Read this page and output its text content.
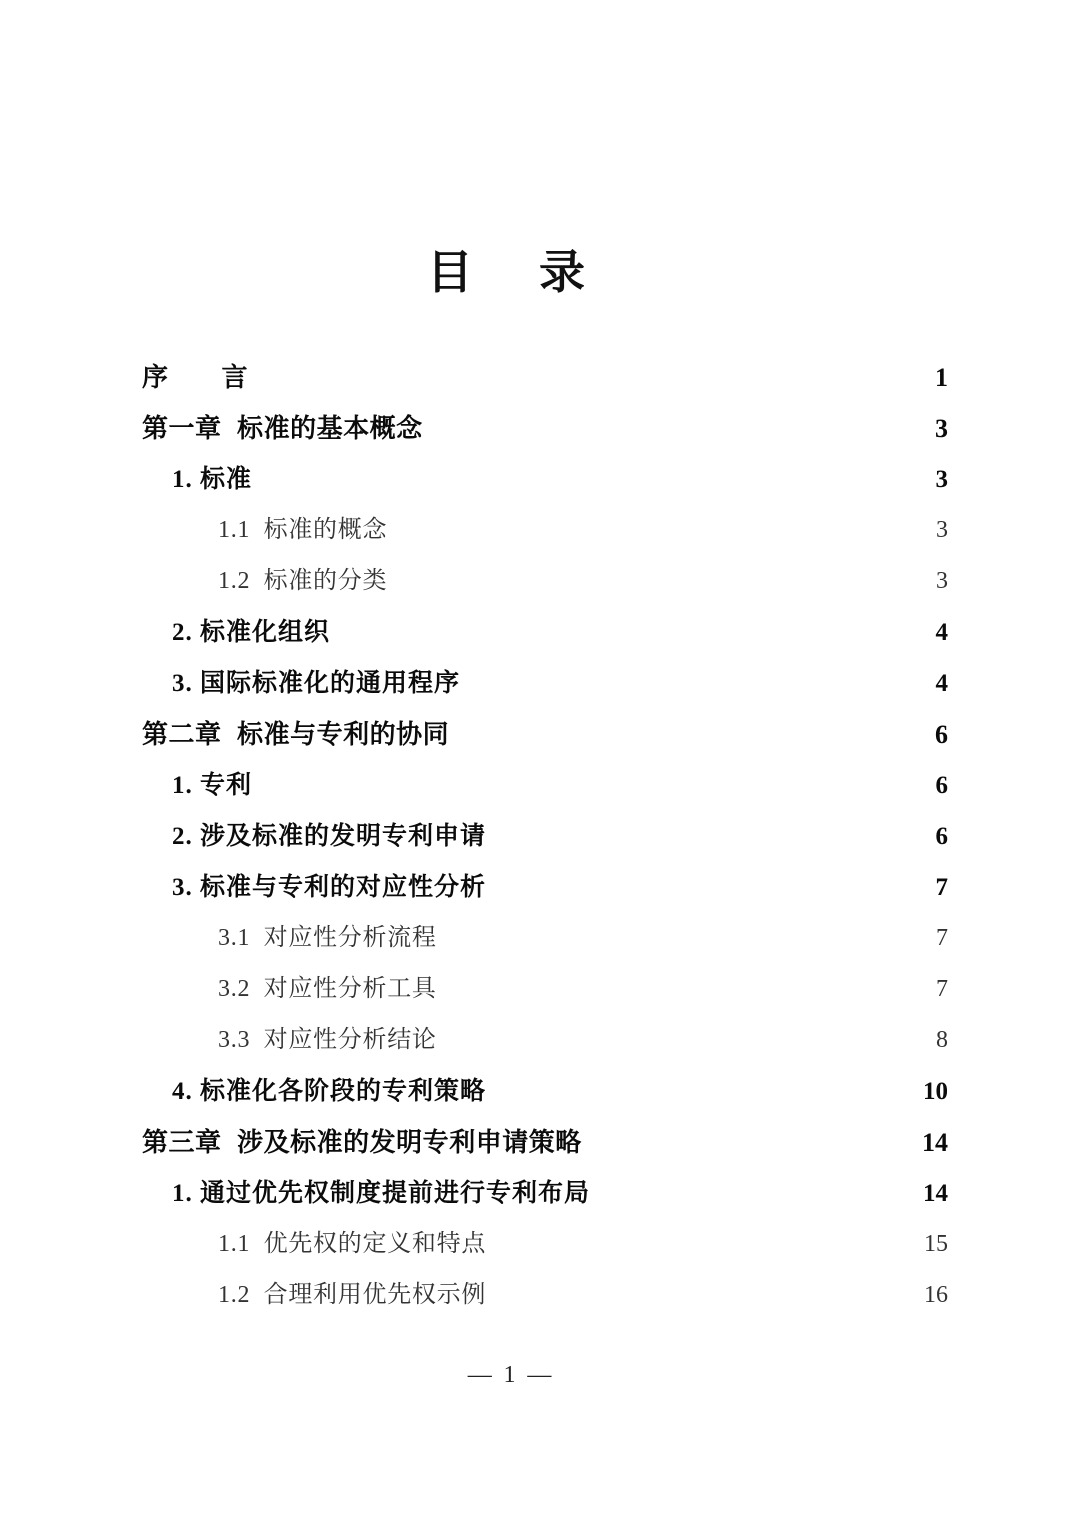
目　录
序　　言 .....	1
第一章  标准的基本概念 .....	3
1. 标准 .....	3
1.1  标准的概念 .....	3
1.2  标准的分类 .....	3
2. 标准化组织 .....	4
3. 国际标准化的通用程序 .....	4
第二章  标准与专利的协同 .....	6
1. 专利 .....	6
2. 涉及标准的发明专利申请 .....	6
3. 标准与专利的对应性分析 .....	7
3.1  对应性分析流程 .....	7
3.2  对应性分析工具 .....	7
3.3  对应性分析结论 .....	8
4. 标准化各阶段的专利策略 .....	10
第三章  涉及标准的发明专利申请策略 .....	14
1. 通过优先权制度提前进行专利布局 .....	14
1.1  优先权的定义和特点 .....	15
1.2  合理利用优先权示例 .....	16
— 1 —
